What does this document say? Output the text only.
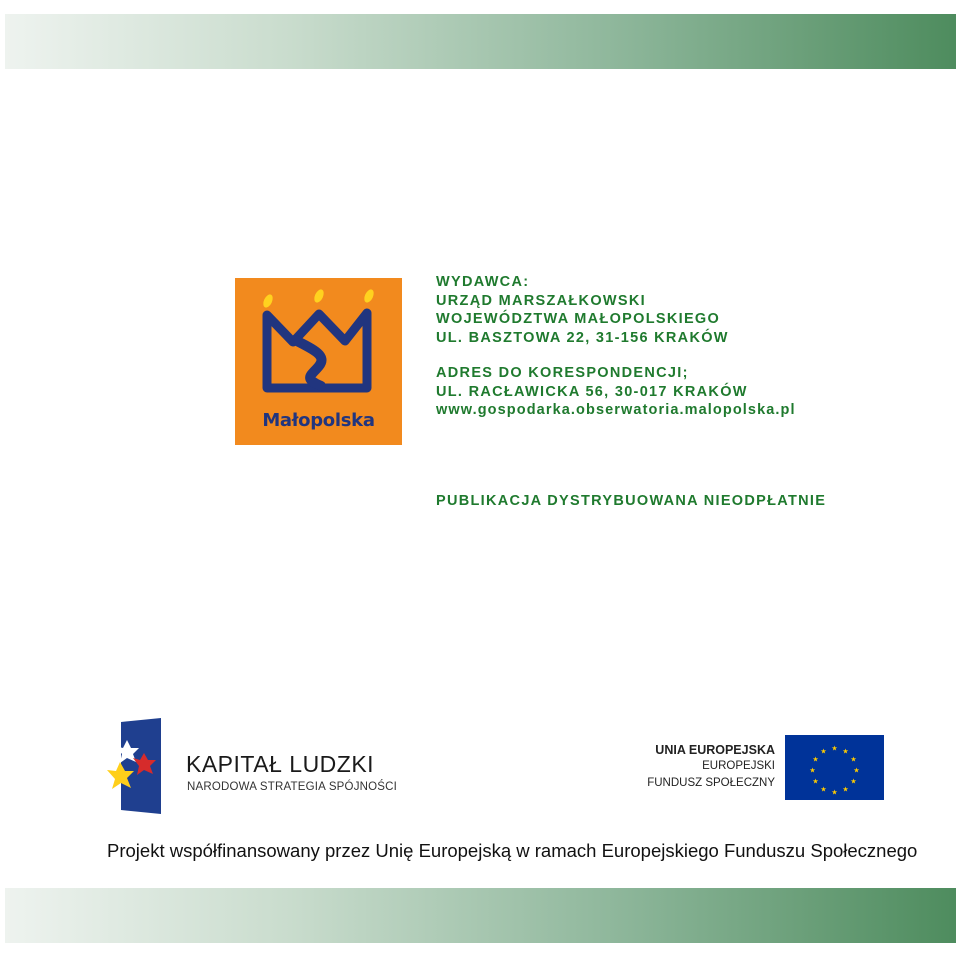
Małopolska
WYDAWCA:
URZĄD MARSZAŁKOWSKI
WOJEWÓDZTWA MAŁOPOLSKIEGO
UL. BASZTOWA 22, 31-156 KRAKÓW
ADRES DO KORESPONDENCJI;
UL. RACŁAWICKA 56, 30-017 KRAKÓW
www.gospodarka.obserwatoria.malopolska.pl
PUBLIKACJA DYSTRYBUOWANA NIEODPŁATNIE
KAPITAŁ LUDZKI
NARODOWA STRATEGIA SPÓJNOŚCI
UNIA EUROPEJSKA
EUROPEJSKI
FUNDUSZ SPOŁECZNY
★ ★
★
★
★
★
★
★
★
★
★
★
Projekt współfinansowany przez Unię Europejską w ramach Europejskiego Funduszu Społecznego
